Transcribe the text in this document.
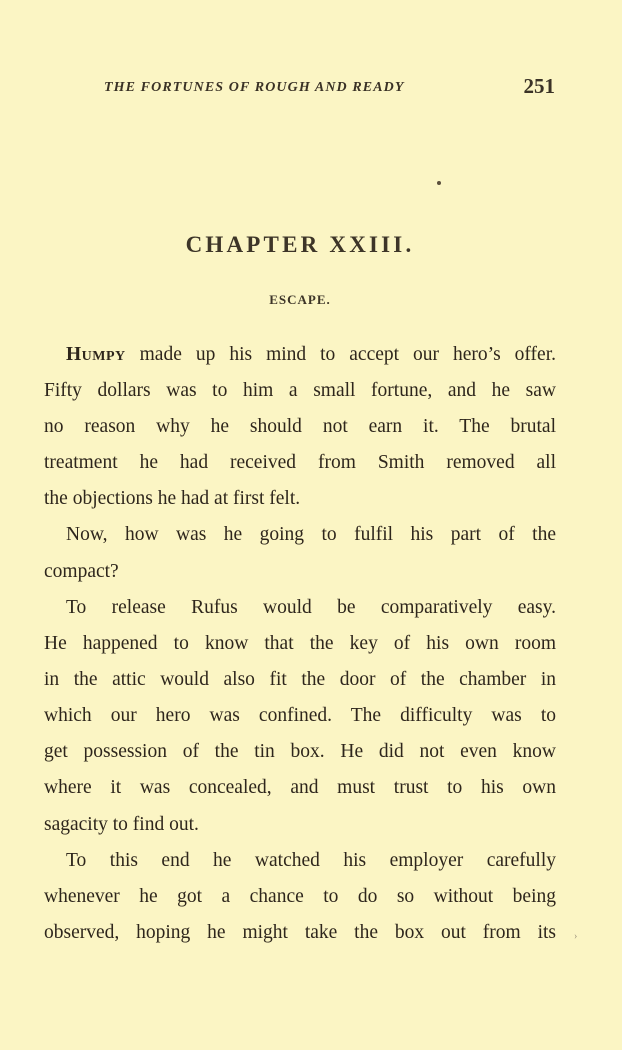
THE FORTUNES OF ROUGH AND READY	251
CHAPTER XXIII.
ESCAPE.
Humpy made up his mind to accept our hero’s offer.
Fifty dollars was to him a small fortune, and he saw
no reason why he should not earn it. The brutal
treatment he had received from Smith removed all
the objections he had at first felt.
Now, how was he going to fulfil his part of the
compact?
To release Rufus would be comparatively easy.
He happened to know that the key of his own room
in the attic would also fit the door of the chamber in
which our hero was confined. The difficulty was to
get possession of the tin box. He did not even know
where it was concealed, and must trust to his own
sagacity to find out.
To this end he watched his employer carefully
whenever he got a chance to do so without being
observed, hoping he might take the box out from its ›
